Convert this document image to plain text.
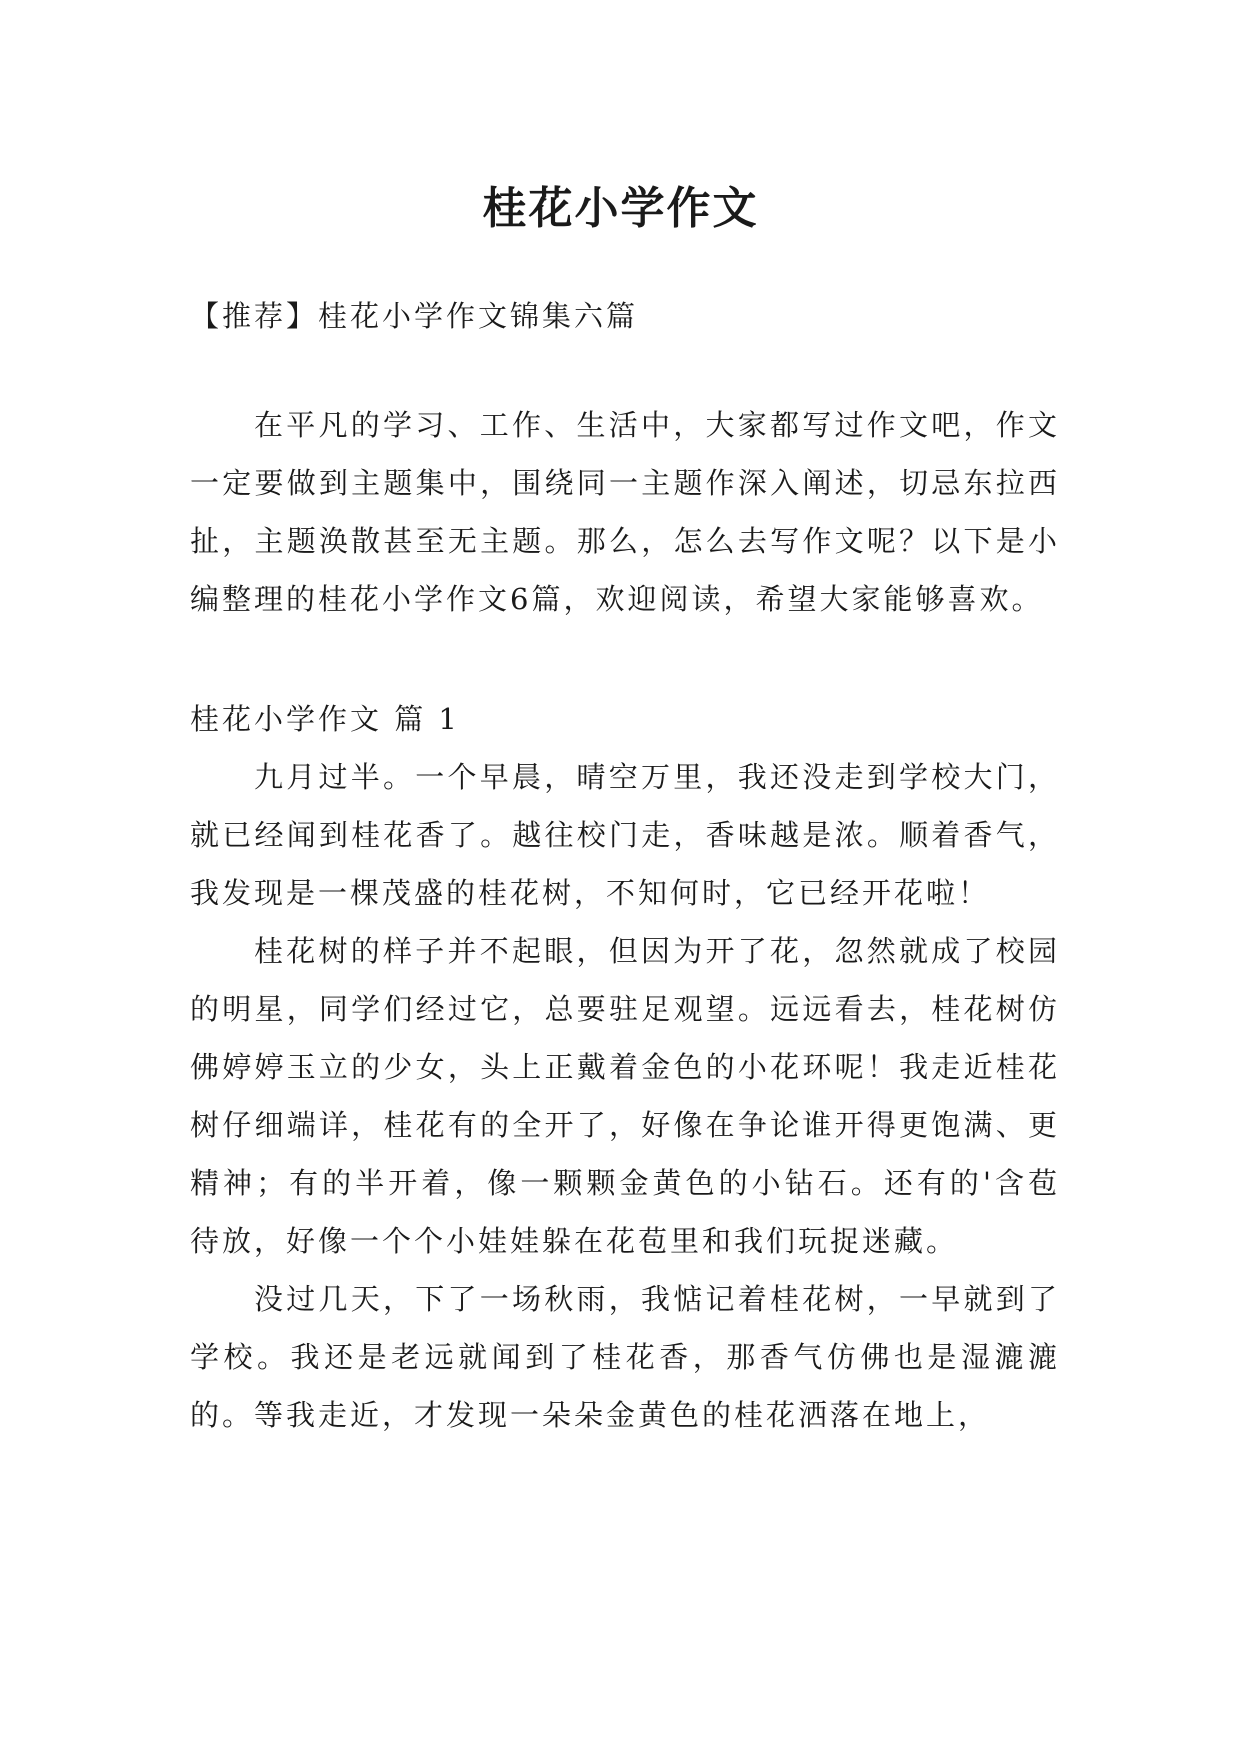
桂花小学作文

【推荐】桂花小学作文锦集六篇

在平凡的学习、工作、生活中，大家都写过作文吧，作文一定要做到主题集中，围绕同一主题作深入阐述，切忌东拉西扯，主题涣散甚至无主题。那么，怎么去写作文呢？以下是小编整理的桂花小学作文6篇，欢迎阅读，希望大家能够喜欢。

桂花小学作文 篇 1

九月过半。一个早晨，晴空万里，我还没走到学校大门，就已经闻到桂花香了。越往校门走，香味越是浓。顺着香气，我发现是一棵茂盛的桂花树，不知何时，它已经开花啦！

桂花树的样子并不起眼，但因为开了花，忽然就成了校园的明星，同学们经过它，总要驻足观望。远远看去，桂花树仿佛婷婷玉立的少女，头上正戴着金色的小花环呢！我走近桂花树仔细端详，桂花有的全开了，好像在争论谁开得更饱满、更精神；有的半开着，像一颗颗金黄色的小钻石。还有的'含苞待放，好像一个个小娃娃躲在花苞里和我们玩捉迷藏。

没过几天，下了一场秋雨，我惦记着桂花树，一早就到了学校。我还是老远就闻到了桂花香，那香气仿佛也是湿漉漉的。等我走近，才发现一朵朵金黄色的桂花洒落在地上，
